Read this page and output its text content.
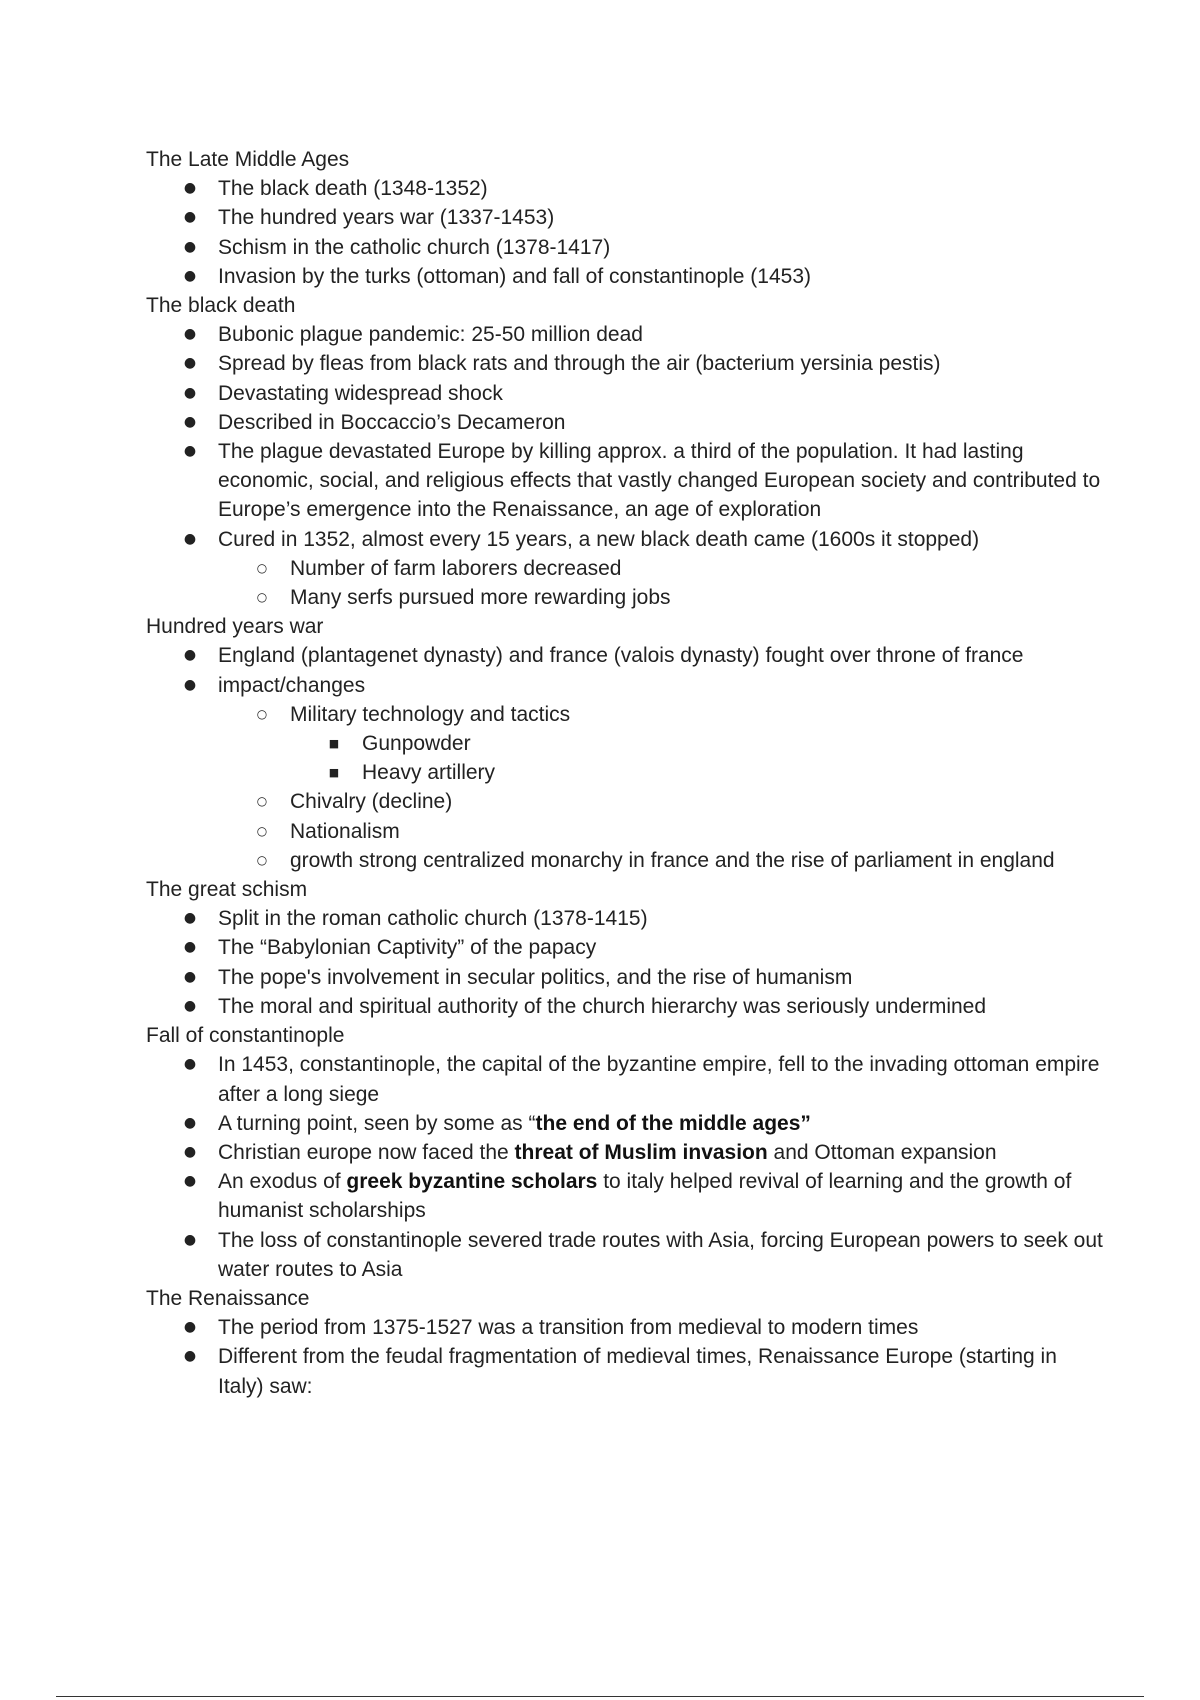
The Late Middle Ages
● The black death (1348-1352)
● The hundred years war (1337-1453)
● Schism in the catholic church (1378-1417)
● Invasion by the turks (ottoman) and fall of constantinople (1453)
The black death
● Bubonic plague pandemic: 25-50 million dead
● Spread by fleas from black rats and through the air (bacterium yersinia pestis)
● Devastating widespread shock
● Described in Boccaccio’s Decameron
● The plague devastated Europe by killing approx. a third of the population. It had lasting economic, social, and religious effects that vastly changed European society and contributed to Europe’s emergence into the Renaissance, an age of exploration
● Cured in 1352, almost every 15 years, a new black death came (1600s it stopped)
○ Number of farm laborers decreased
○ Many serfs pursued more rewarding jobs
Hundred years war
● England (plantagenet dynasty) and france (valois dynasty) fought over throne of france
● impact/changes
○ Military technology and tactics
■ Gunpowder
■ Heavy artillery
○ Chivalry (decline)
○ Nationalism
○ growth strong centralized monarchy in france and the rise of parliament in england
The great schism
● Split in the roman catholic church (1378-1415)
● The “Babylonian Captivity” of the papacy
● The pope's involvement in secular politics, and the rise of humanism
● The moral and spiritual authority of the church hierarchy was seriously undermined
Fall of constantinople
● In 1453, constantinople, the capital of the byzantine empire, fell to the invading ottoman empire after a long siege
● A turning point, seen by some as “the end of the middle ages”
● Christian europe now faced the threat of Muslim invasion and Ottoman expansion
● An exodus of greek byzantine scholars to italy helped revival of learning and the growth of humanist scholarships
● The loss of constantinople severed trade routes with Asia, forcing European powers to seek out water routes to Asia
The Renaissance
● The period from 1375-1527 was a transition from medieval to modern times
● Different from the feudal fragmentation of medieval times, Renaissance Europe (starting in Italy) saw:
